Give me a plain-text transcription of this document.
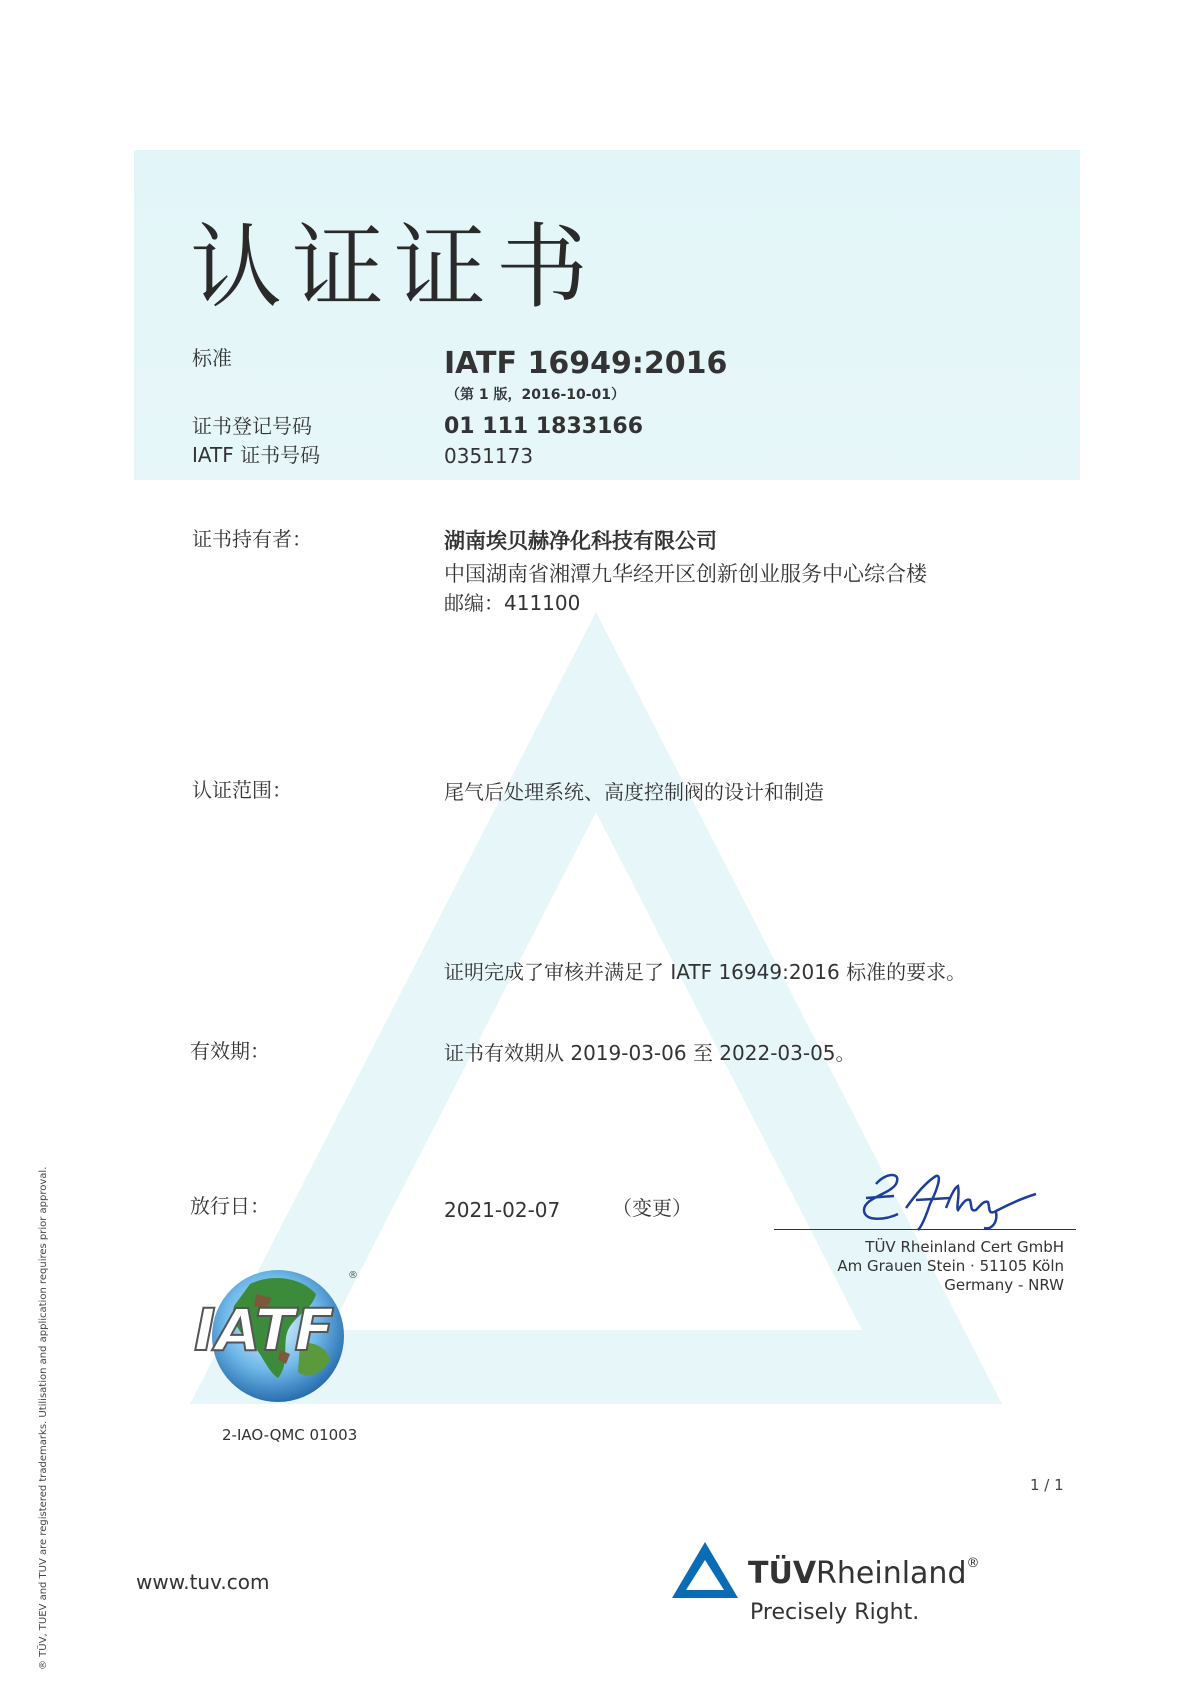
认证证书
标准	IATF 16949:2016
（第 1 版，2016-10-01）
证书登记号码	01 111 1833166
IATF 证书号码	0351173
证书持有者：	湖南埃贝赫净化科技有限公司
中国湖南省湘潭九华经开区创新创业服务中心综合楼
邮编：411100
认证范围：	尾气后处理系统、高度控制阀的设计和制造
证明完成了审核并满足了 IATF 16949:2016 标准的要求。
有效期：	证书有效期从 2019-03-06 至 2022-03-05。
放行日：	2021-02-07	（变更）
TÜV Rheinland Cert GmbH
Am Grauen Stein · 51105 Köln
Germany - NRW
IATF
®
2-IAO-QMC 01003
1 / 1
www.tuv.com	TÜVRheinland®
Precisely Right.
® TÜV, TUEV and TUV are registered trademarks. Utilisation and application requires prior approval.
